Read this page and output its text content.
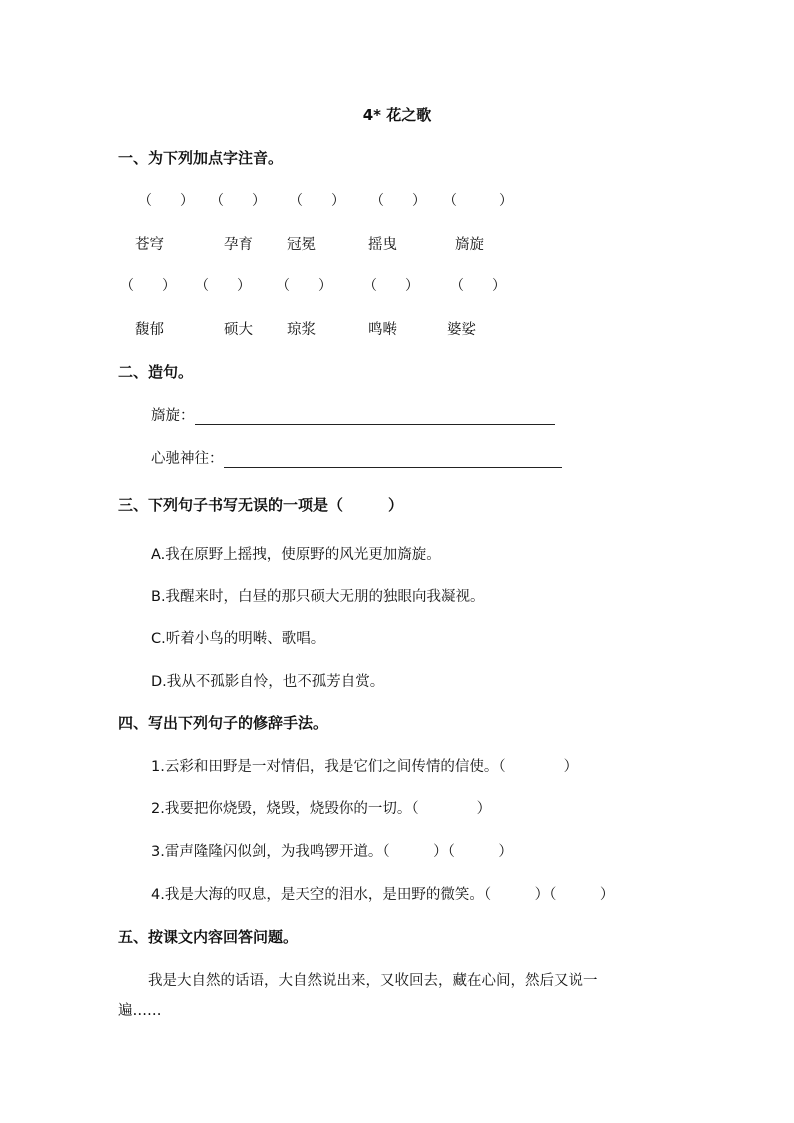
4* 花之歌
一、为下列加点字注音。
（　　） （　　） （　　） （　　） （　　　）
苍穹	孕育 冠冕	摇曳	旖旋
（　　） （　　） （　　） （　　） （　　）
馥郁	硕大 琼浆	鸣啭	婆娑
二、造句。
旖旋：
心驰神往：
三、下列句子书写无误的一项是（　　　）
A.我在原野上摇拽，使原野的风光更加旖旋。
B.我醒来时，白昼的那只硕大无朋的独眼向我凝视。
C.听着小鸟的明啭、歌唱。
D.我从不孤影自怜，也不孤芳自赏。
四、写出下列句子的修辞手法。
1.云彩和田野是一对情侣，我是它们之间传情的信使。（　　　　）
2.我要把你烧毁，烧毁，烧毁你的一切。（　　　　）
3.雷声隆隆闪似剑，为我鸣锣开道。（　　　）（　　　）
4.我是大海的叹息，是天空的泪水，是田野的微笑。（　　　）（　　　）
五、按课文内容回答问题。
我是大自然的话语，大自然说出来，又收回去，藏在心间，然后又说一
遍……
